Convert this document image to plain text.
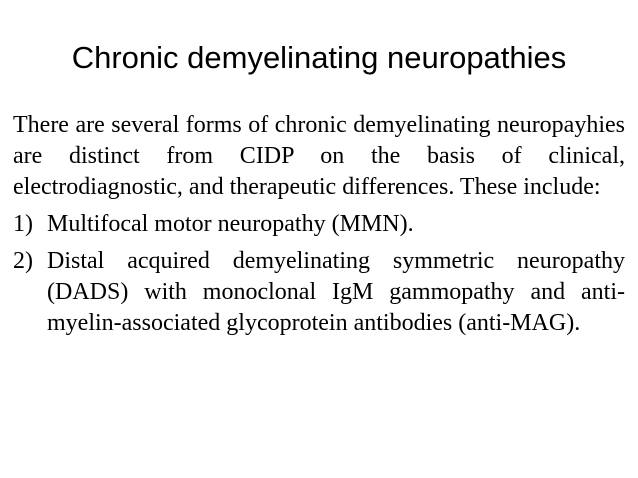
Chronic demyelinating neuropathies

There are several forms of chronic demyelinating neuropayhies are distinct from CIDP on the basis of clinical, electrodiagnostic, and therapeutic differences. These include:

1) Multifocal motor neuropathy (MMN).
2) Distal acquired demyelinating symmetric neuropathy (DADS) with monoclonal IgM gammopathy and anti-myelin-associated glycoprotein antibodies (anti-MAG).
